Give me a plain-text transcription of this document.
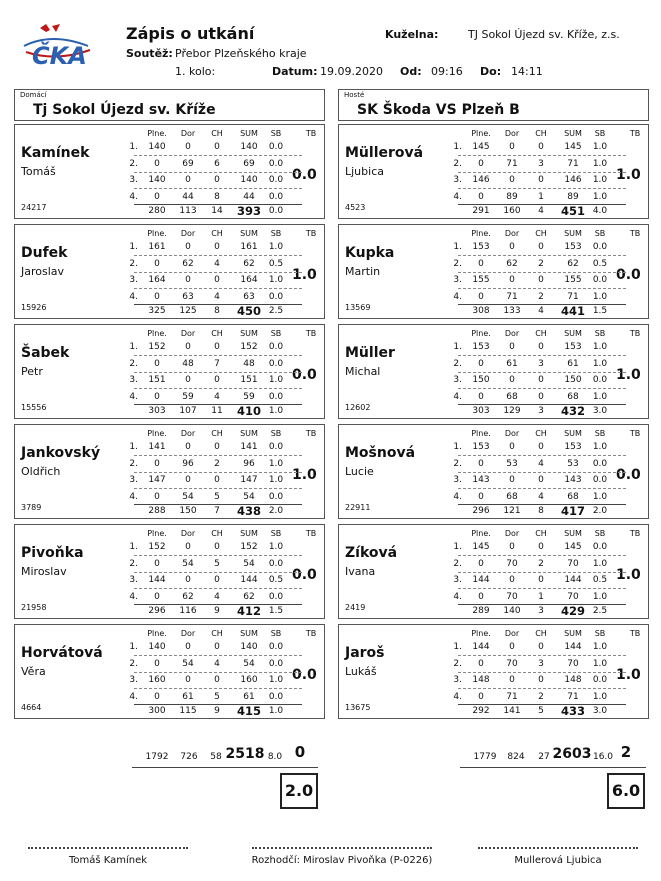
ČKA
Zápis o utkání	Kuželna:	TJ Sokol Újezd sv. Kříže, z.s.
Soutěž: Přebor Plzeňského kraje
1. kolo:	Datum: 19.09.2020 Od: 09:16 Do: 14:11
Domácí
Tj Sokol Újezd sv. Kříže
Hosté
SK Škoda VS Plzeň B
Kamínek
Tomáš
24217
0.0
Plne.	Dor	CH	SUM	SB	TB
1.	140	0	0	140	0.0
2.	0	69	6	69	0.0
3.	140	0	0	140	0.0
4.	0	44	8	44	0.0
280	113	14	393 0.0
Dufek
Jaroslav
15926
1.0
Plne.	Dor	CH	SUM	SB	TB
1.	161	0	0	161	1.0
2.	0	62	4	62	0.5
3.	164	0	0	164	1.0
4.	0	63	4	63	0.0
325	125	8	450 2.5
Šabek
Petr
15556
0.0
Plne.	Dor	CH	SUM	SB	TB
1.	152	0	0	152	0.0
2.	0	48	7	48	0.0
3.	151	0	0	151	1.0
4.	0	59	4	59	0.0
303	107	11	410 1.0
Jankovský
Oldřich
3789
1.0
Plne.	Dor	CH	SUM	SB	TB
1.	141	0	0	141	0.0
2.	0	96	2	96	1.0
3.	147	0	0	147	1.0
4.	0	54	5	54	0.0
288	150	7	438 2.0
Pivoňka
Miroslav
21958
0.0
Plne.	Dor	CH	SUM	SB	TB
1.	152	0	0	152	1.0
2.	0	54	5	54	0.0
3.	144	0	0	144	0.5
4.	0	62	4	62	0.0
296	116	9	412 1.5
Horvátová
Věra
4664
0.0
Plne.	Dor	CH	SUM	SB	TB
1.	140	0	0	140	0.0
2.	0	54	4	54	0.0
3.	160	0	0	160	1.0
4.	0	61	5	61	0.0
300	115	9	415 1.0
Müllerová
Ljubica
4523
1.0
Plne.	Dor	CH	SUM	SB	TB
1.	145	0	0	145	1.0
2.	0	71	3	71	1.0
3.	146	0	0	146	1.0
4.	0	89	1	89	1.0
291	160	4	451 4.0
Kupka
Martin
13569
0.0
Plne.	Dor	CH	SUM	SB	TB
1.	153	0	0	153	0.0
2.	0	62	2	62	0.5
3.	155	0	0	155	0.0
4.	0	71	2	71	1.0
308	133	4	441 1.5
Müller
Michal
12602
1.0
Plne.	Dor	CH	SUM	SB	TB
1.	153	0	0	153	1.0
2.	0	61	3	61	1.0
3.	150	0	0	150	0.0
4.	0	68	0	68	1.0
303	129	3	432 3.0
Mošnová
Lucie
22911
0.0
Plne.	Dor	CH	SUM	SB	TB
1.	153	0	0	153	1.0
2.	0	53	4	53	0.0
3.	143	0	0	143	0.0
4.	0	68	4	68	1.0
296	121	8	417 2.0
Zíková
Ivana
2419
1.0
Plne.	Dor	CH	SUM	SB	TB
1.	145	0	0	145	0.0
2.	0	70	2	70	1.0
3.	144	0	0	144	0.5
4.	0	70	1	70	1.0
289	140	3	429 2.5
Jaroš
Lukáš
13675
1.0
Plne.	Dor	CH	SUM	SB	TB
1.	144	0	0	144	1.0
2.	0	70	3	70	1.0
3.	148	0	0	148	0.0
4.	0	71	2	71	1.0
292	141	5	433 3.0
1792	726	58 2518 8.0 0	1779	824	27 2603 16.0 2
2.0	6.0
Tomáš Kamínek	Rozhodčí: Miroslav Pivoňka (P-0226)	Mullerová Ljubica
